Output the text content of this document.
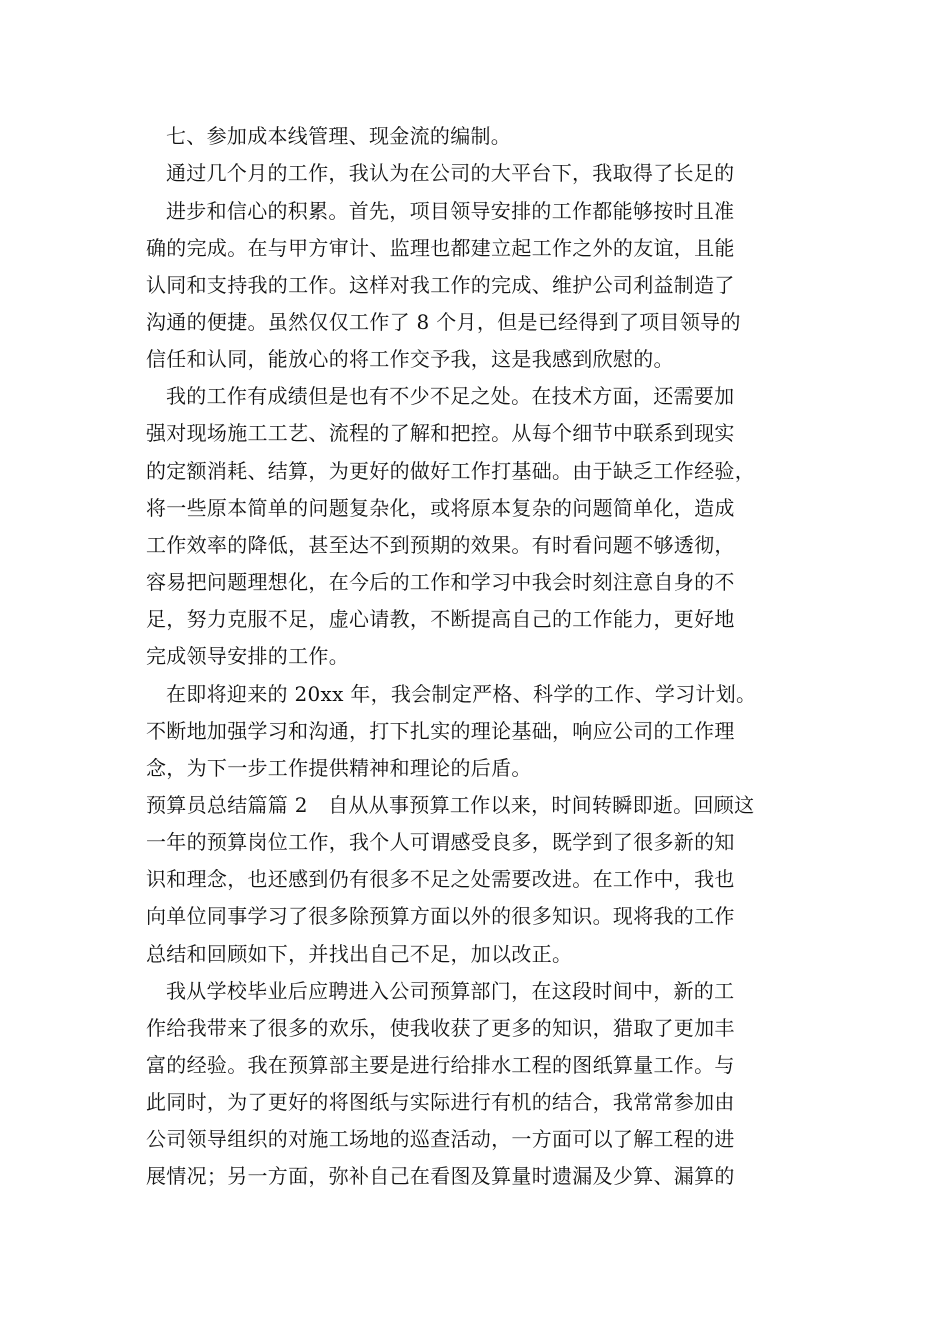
七、参加成本线管理、现金流的编制。
通过几个月的工作，我认为在公司的大平台下，我取得了长足的
进步和信心的积累。首先，项目领导安排的工作都能够按时且准
确的完成。在与甲方审计、监理也都建立起工作之外的友谊，且能
认同和支持我的工作。这样对我工作的完成、维护公司利益制造了
沟通的便捷。虽然仅仅工作了 8 个月，但是已经得到了项目领导的
信任和认同，能放心的将工作交予我，这是我感到欣慰的。
我的工作有成绩但是也有不少不足之处。在技术方面，还需要加
强对现场施工工艺、流程的了解和把控。从每个细节中联系到现实
的定额消耗、结算，为更好的做好工作打基础。由于缺乏工作经验，
将一些原本简单的问题复杂化，或将原本复杂的问题简单化，造成
工作效率的降低，甚至达不到预期的效果。有时看问题不够透彻，
容易把问题理想化，在今后的工作和学习中我会时刻注意自身的不
足，努力克服不足，虚心请教，不断提高自己的工作能力，更好地
完成领导安排的工作。
在即将迎来的 20xx 年，我会制定严格、科学的工作、学习计划。
不断地加强学习和沟通，打下扎实的理论基础，响应公司的工作理
念，为下一步工作提供精神和理论的后盾。
预算员总结篇篇 2　自从从事预算工作以来，时间转瞬即逝。回顾这
一年的预算岗位工作，我个人可谓感受良多，既学到了很多新的知
识和理念，也还感到仍有很多不足之处需要改进。在工作中，我也
向单位同事学习了很多除预算方面以外的很多知识。现将我的工作
总结和回顾如下，并找出自己不足，加以改正。
我从学校毕业后应聘进入公司预算部门，在这段时间中，新的工
作给我带来了很多的欢乐，使我收获了更多的知识，猎取了更加丰
富的经验。我在预算部主要是进行给排水工程的图纸算量工作。与
此同时，为了更好的将图纸与实际进行有机的结合，我常常参加由
公司领导组织的对施工场地的巡查活动，一方面可以了解工程的进
展情况；另一方面，弥补自己在看图及算量时遗漏及少算、漏算的
